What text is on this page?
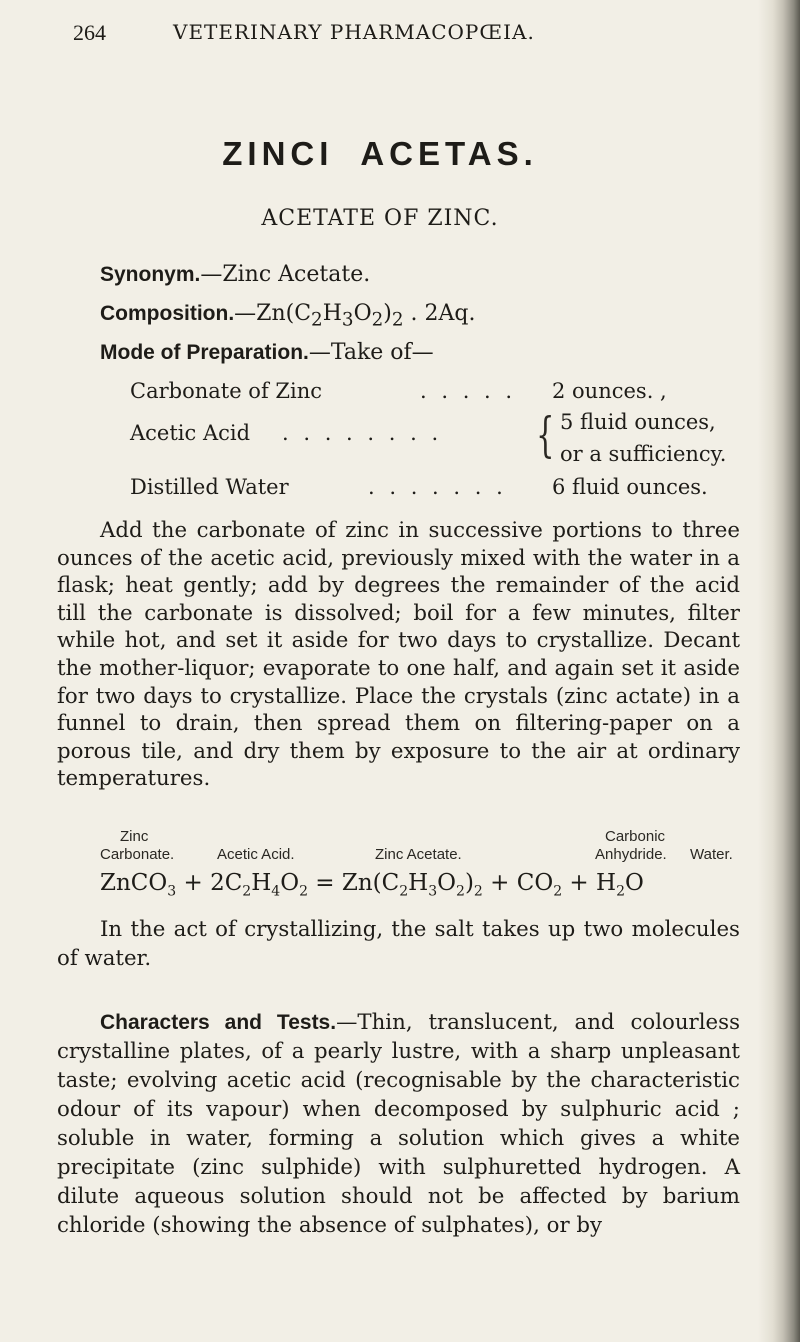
264	VETERINARY PHARMACOPŒIA.
ZINCI ACETAS.
ACETATE OF ZINC.
Synonym.—Zinc Acetate.
$Composition.—Zn(C_2H_3O_2)_2$ . 2Aq.
Mode of Preparation.—Take of—
Carbonate of Zinc	. . . . . 2 ounces. ,
Acetic Acid . . . . . . . . { 5 fluid ounces,
or a sufficiency.
Distilled Water	. . . . . . . 6 fluid ounces.
Add the carbonate of zinc in successive portions to three ounces of the acetic acid, previously mixed with the water in a flask; heat gently; add by degrees the remainder of the acid till the carbonate is dissolved; boil for a few minutes, filter while hot, and set it aside for two days to crystallize. Decant the mother-liquor; evaporate to one half, and again set it aside for two days to crystallize. Place the crystals (zinc actate) in a funnel to drain, then spread them on filtering-paper on a porous tile, and dry them by exposure to the air at ordinary temperatures.
Zinc
Carbonate.	Acetic Acid.	Zinc Acetate.
Carbonic
Anhydride. Water.
ZnCO$_3$ + $2C_2H_4O_2 = Zn(C_2H_3O_2)_2 + CO_2 + H_2O$
In the act of crystallizing, the salt takes up two molecules of water.
Characters and Tests.—Thin, translucent, and colourless crystalline plates, of a pearly lustre, with a sharp unpleasant taste; evolving acetic acid (recognisable by the characteristic odour of its vapour) when decomposed by sulphuric acid ; soluble in water, forming a solution which gives a white precipitate (zinc sulphide) with sulphuretted hydrogen. A dilute aqueous solution should not be affected by barium chloride (showing the absence of sulphates), or by
